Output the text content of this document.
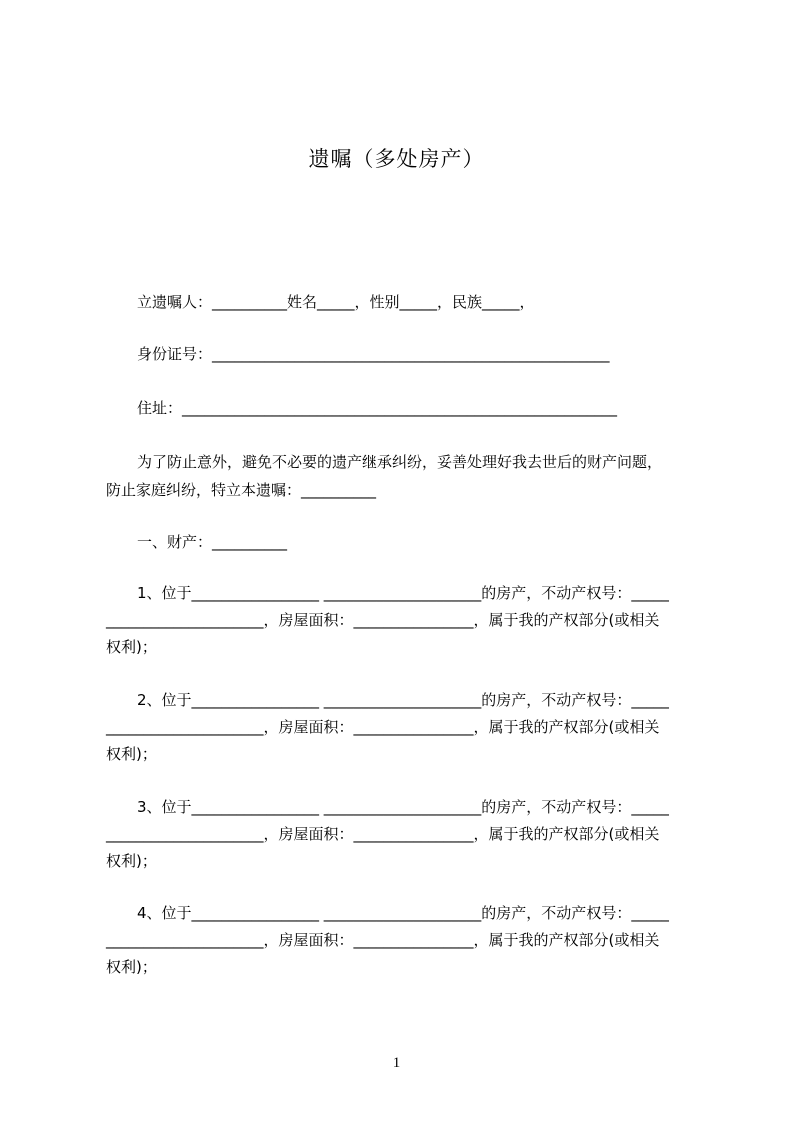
遗嘱（多处房产）
立遗嘱人：__________姓名_____，性别_____，民族_____，
身份证号：_____________________________________________________
住址：__________________________________________________________
为了防止意外，避免不必要的遗产继承纠纷，妥善处理好我去世后的财产问题，
防止家庭纠纷，特立本遗嘱：__________
一、财产：__________
1、位于_________________ _____________________的房产，不动产权号：_____
_____________________，房屋面积：________________，属于我的产权部分(或相关
权利)；
2、位于_________________ _____________________的房产，不动产权号：_____
_____________________，房屋面积：________________，属于我的产权部分(或相关
权利)；
3、位于_________________ _____________________的房产，不动产权号：_____
_____________________，房屋面积：________________，属于我的产权部分(或相关
权利)；
4、位于_________________ _____________________的房产，不动产权号：_____
_____________________，房屋面积：________________，属于我的产权部分(或相关
权利)；
1
